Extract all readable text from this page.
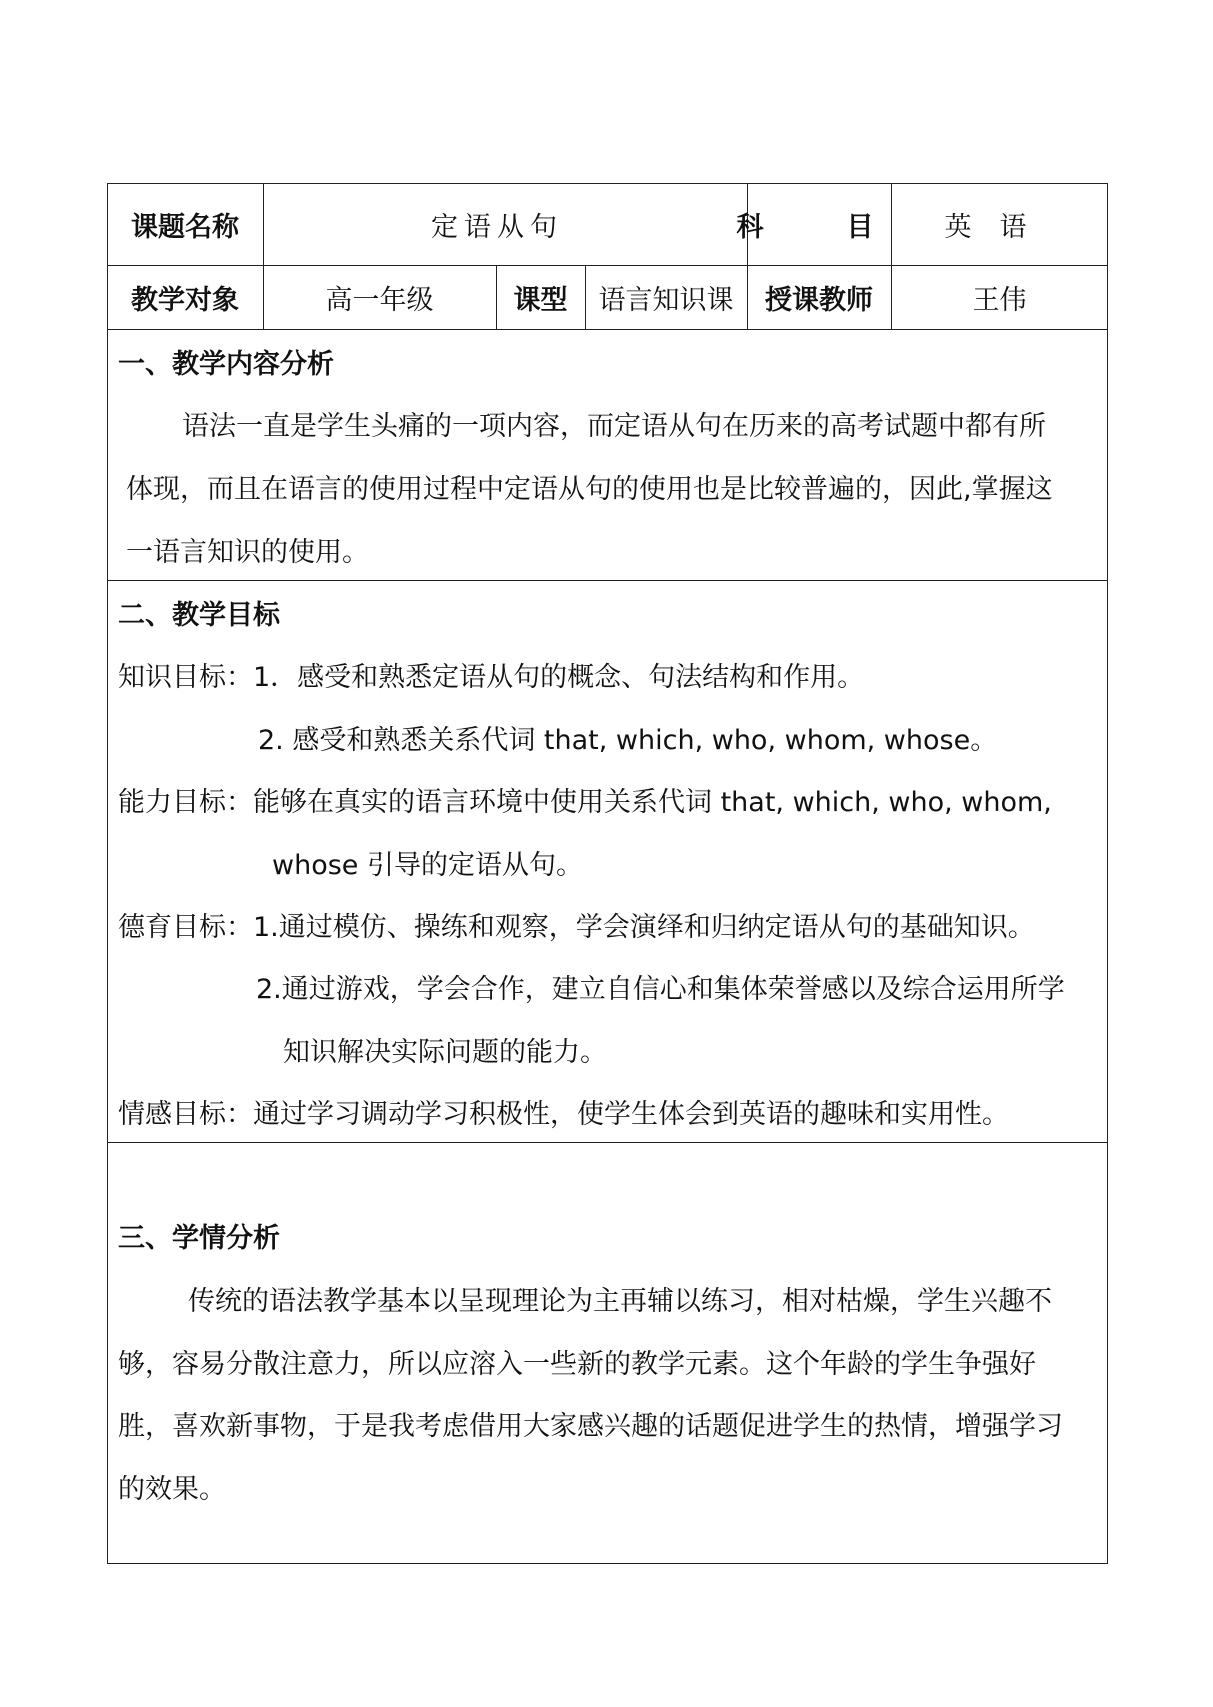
课题名称	定语从句	科　目	英语
教学对象	高一年级	课型	语言知识课	授课教师	王伟
一、教学内容分析
语法一直是学生头痛的一项内容，而定语从句在历来的高考试题中都有所
体现，而且在语言的使用过程中定语从句的使用也是比较普遍的，因此,掌握这
一语言知识的使用。
二、教学目标
知识目标：1．感受和熟悉定语从句的概念、句法结构和作用。
2. 感受和熟悉关系代词 that, which, who, whom, whose。
能力目标：能够在真实的语言环境中使用关系代词 that, which, who, whom,
whose 引导的定语从句。
德育目标：1.通过模仿、操练和观察，学会演绎和归纳定语从句的基础知识。
2.通过游戏，学会合作，建立自信心和集体荣誉感以及综合运用所学
知识解决实际问题的能力。
情感目标：通过学习调动学习积极性，使学生体会到英语的趣味和实用性。
三、学情分析
传统的语法教学基本以呈现理论为主再辅以练习，相对枯燥，学生兴趣不
够，容易分散注意力，所以应溶入一些新的教学元素。这个年龄的学生争强好
胜，喜欢新事物，于是我考虑借用大家感兴趣的话题促进学生的热情，增强学习
的效果。
